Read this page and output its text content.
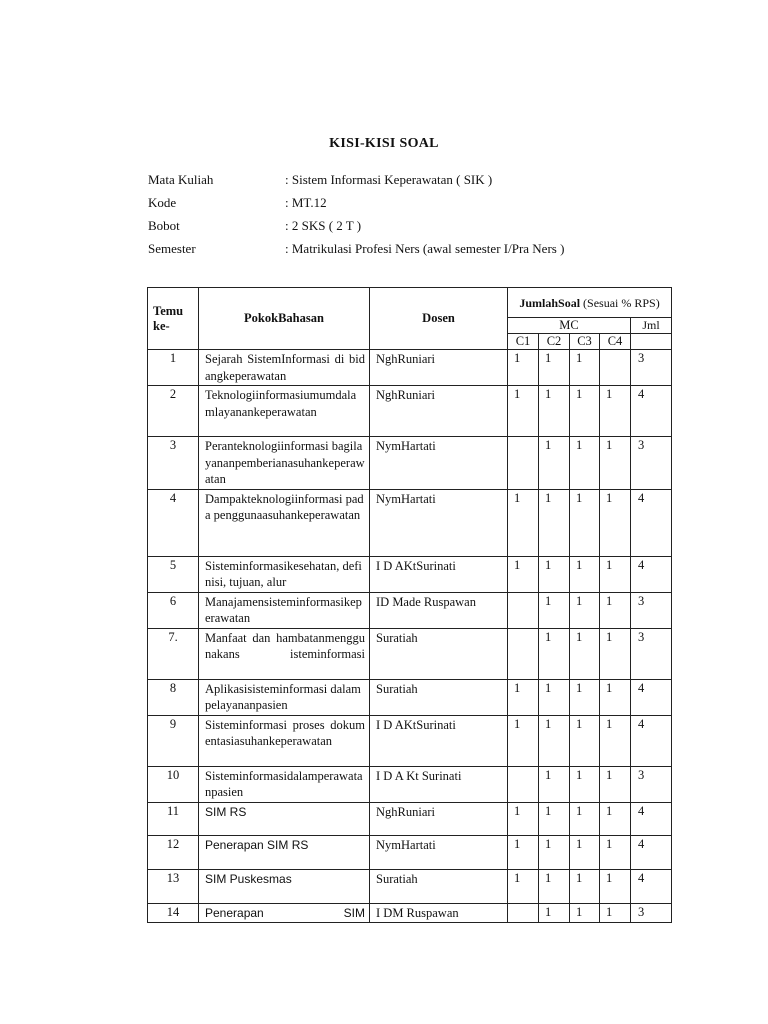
KISI-KISI SOAL
Mata Kuliah	: Sistem Informasi Keperawatan ( SIK )
Kode	: MT.12
Bobot	: 2 SKS ( 2 T )
Semester	: Matrikulasi Profesi Ners (awal semester I/Pra Ners )
Temu ke-	PokokBahasan	Dosen	JumlahSoal (Sesuai % RPS)				
			MC				Jml
			C1	C2	C3	C4	
1	Sejarah SistemInformasi di bidangkeperawatan	NghRuniari	1	1	1		3
2	Teknologiinformasiumumdalamlayanankeperawatan	NghRuniari	1	1	1	1	4
3	Peranteknologiinformasi bagilayananpemberianasuhankeperawatan	NymHartati		1	1	1	3
4	Dampakteknologiinformasi pada penggunaasuhankeperawatan	NymHartati	1	1	1	1	4
5	Sisteminformasikesehatan, definisi, tujuan, alur	I D AKtSurinati	1	1	1	1	4
6	Manajamensisteminformasikeperawatan	ID Made Ruspawan		1	1	1	3
7.	Manfaat dan hambatanmenggunakans isteminformasi	Suratiah		1	1	1	3
8	Aplikasisisteminformasi dalampelayananpasien	Suratiah	1	1	1	1	4
9	Sisteminformasi proses dokumentasiasuhankeperawatan	I D AKtSurinati	1	1	1	1	4
10	Sisteminformasidalamperawatanpasien	I D A Kt Surinati		1	1	1	3
11	SIM RS	NghRuniari	1	1	1	1	4
12	Penerapan SIM RS	NymHartati	1	1	1	1	4
13	SIM Puskesmas	Suratiah	1	1	1	1	4
14	Penerapan SIM	I DM Ruspawan		1	1	1	3
